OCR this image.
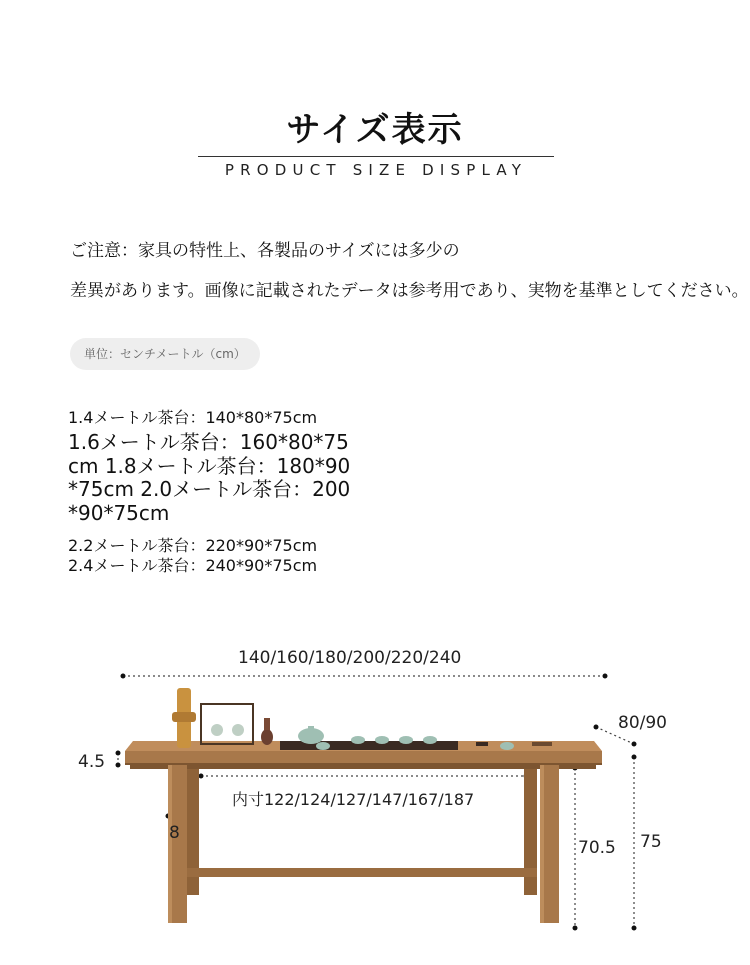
サイズ表示
PRODUCT SIZE DISPLAY
ご注意：家具の特性上、各製品のサイズには多少の
差異があります。画像に記載されたデータは参考用であり、実物を基準としてください。
単位：センチメートル（cm）
1.4メートル茶台：140*80*75cm
1.6メートル茶台：160*80*75cm 1.8メートル茶台：180*90*75cm 2.0メートル茶台：200*90*75cm
2.2メートル茶台：220*90*75cm
2.4メートル茶台：240*90*75cm
140/160/180/200/220/240
80/90
4.5
内寸122/124/127/147/167/187
8
70.5 75
